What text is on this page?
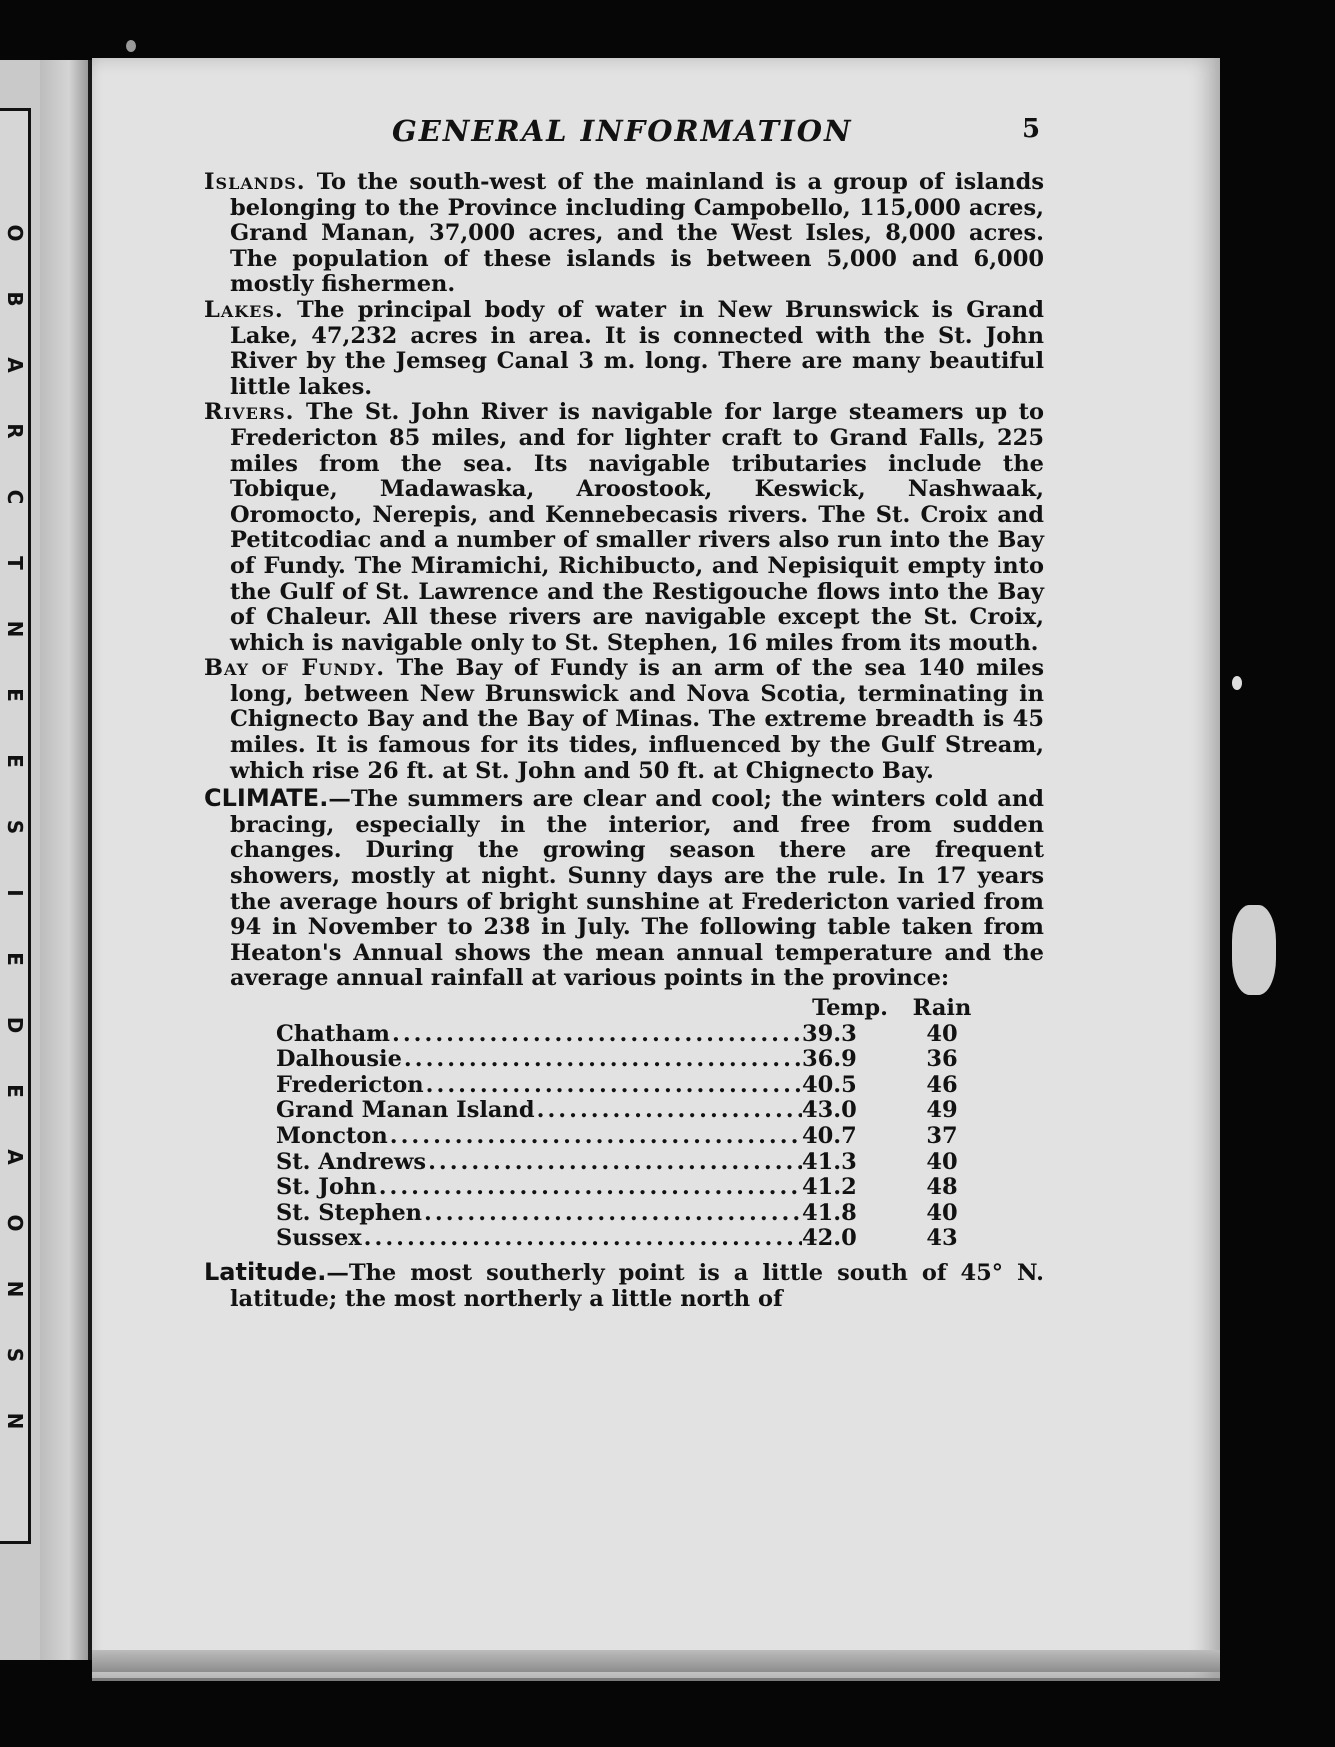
O
B
A
R
C
T
N
E
E
S
I
E
D
E
A
O
N
S
N
GENERAL INFORMATION	5

Islands. To the south-west of the mainland is a group of islands belonging to the Province including Campobello, 115,000 acres, Grand Manan, 37,000 acres, and the West Isles, 8,000 acres. The population of these islands is between 5,000 and 6,000 mostly fishermen.

Lakes. The principal body of water in New Brunswick is Grand Lake, 47,232 acres in area. It is connected with the St. John River by the Jemseg Canal 3 m. long. There are many beautiful little lakes.

Rivers. The St. John River is navigable for large steamers up to Fredericton 85 miles, and for lighter craft to Grand Falls, 225 miles from the sea. Its navigable tributaries include the Tobique, Madawaska, Aroostook, Keswick, Nashwaak, Oromocto, Nerepis, and Kennebecasis rivers. The St. Croix and Petitcodiac and a number of smaller rivers also run into the Bay of Fundy. The Miramichi, Richibucto, and Nepisiquit empty into the Gulf of St. Lawrence and the Restigouche flows into the Bay of Chaleur. All these rivers are navigable except the St. Croix, which is navigable only to St. Stephen, 16 miles from its mouth.

Bay of Fundy. The Bay of Fundy is an arm of the sea 140 miles long, between New Brunswick and Nova Scotia, terminating in Chignecto Bay and the Bay of Minas. The extreme breadth is 45 miles. It is famous for its tides, influenced by the Gulf Stream, which rise 26 ft. at St. John and 50 ft. at Chignecto Bay.

CLIMATE.—The summers are clear and cool; the winters cold and bracing, especially in the interior, and free from sudden changes. During the growing season there are frequent showers, mostly at night. Sunny days are the rule. In 17 years the average hours of bright sunshine at Fredericton varied from 94 in November to 238 in July. The following table taken from Heaton's Annual shows the mean annual temperature and the average annual rainfall at various points in the province:

Temp.	Rain
Chatham .....	39.3	40
Dalhousie .....	36.9	36
Fredericton .....	40.5	46
Grand Manan Island .....	43.0	49
Moncton .....	40.7	37
St. Andrews .....	41.3	40
St. John .....	41.2	48
St. Stephen .....	41.8	40
Sussex .....	42.0	43

Latitude.—The most southerly point is a little south of 45° N. latitude; the most northerly a little north of
